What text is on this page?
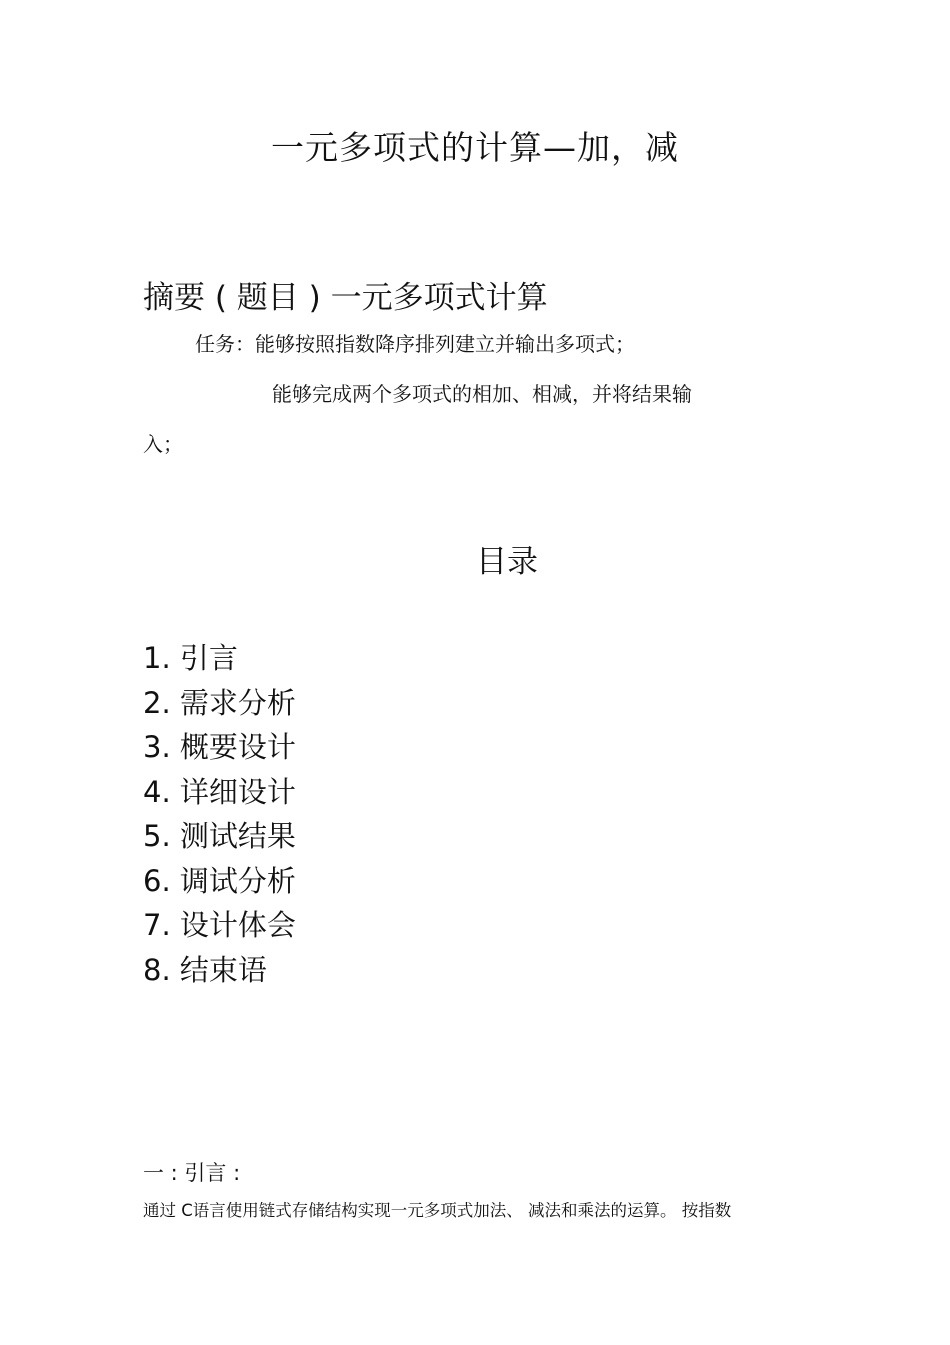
一元多项式的计算—加，减
摘要 ( 题目 ) 一元多项式计算
任务：能够按照指数降序排列建立并输出多项式；
能够完成两个多项式的相加、相减，并将结果输
入；
目录
1. 引言
2. 需求分析
3. 概要设计
4. 详细设计
5. 测试结果
6. 调试分析
7. 设计体会
8. 结束语
一 : 引言 :
通过 C语言使用链式存储结构实现一元多项式加法、 减法和乘法的运算。 按指数
